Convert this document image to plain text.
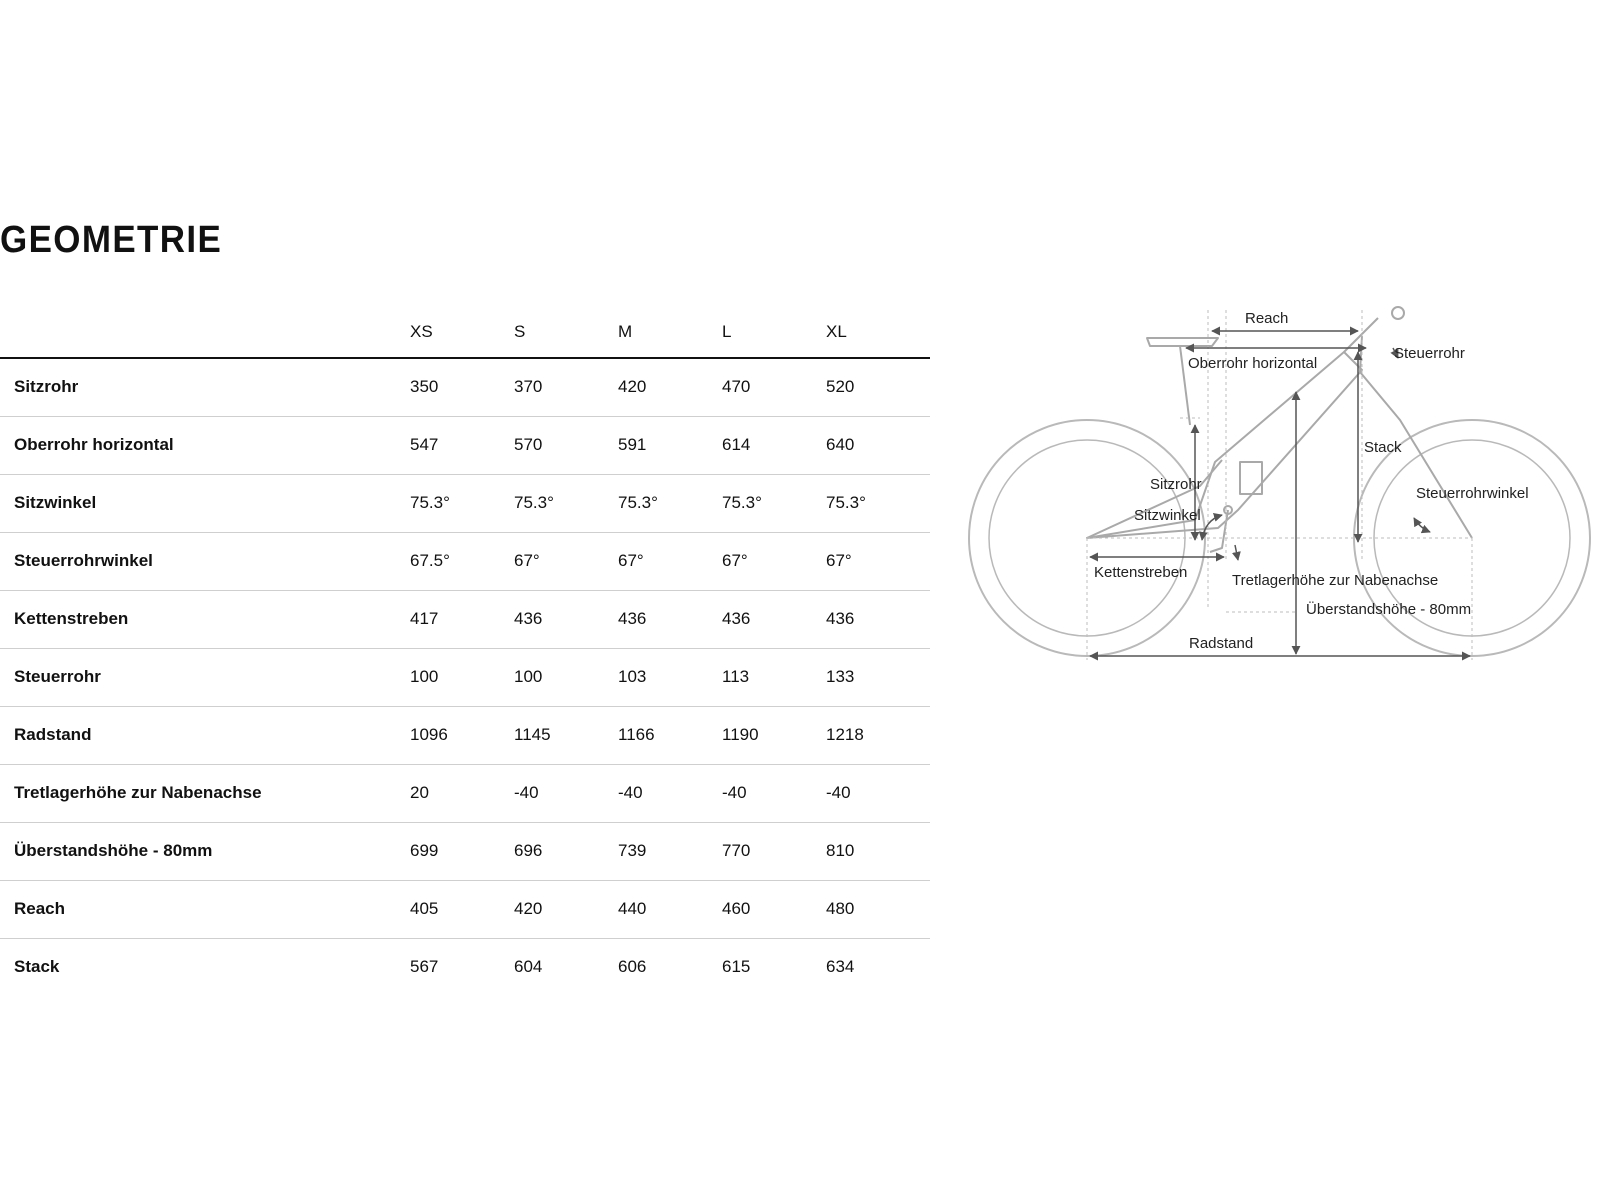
GEOMETRIE
	XS	S	M	L	XL
Sitzrohr	350	370	420	470	520
Oberrohr horizontal	547	570	591	614	640
Sitzwinkel	75.3°	75.3°	75.3°	75.3°	75.3°
Steuerrohrwinkel	67.5°	67°	67°	67°	67°
Kettenstreben	417	436	436	436	436
Steuerrohr	100	100	103	113	133
Radstand	1096	1145	1166	1190	1218
Tretlagerhöhe zur Nabenachse	20	-40	-40	-40	-40
Überstandshöhe - 80mm	699	696	739	770	810
Reach	405	420	440	460	480
Stack	567	604	606	615	634
Reach
Oberrohr horizontal
Steuerrohr
Stack
Sitzrohr
Sitzwinkel
Steuerrohrwinkel
Kettenstreben	Tretlagerhöhe zur Nabenachse
Überstandshöhe - 80mm
Radstand
